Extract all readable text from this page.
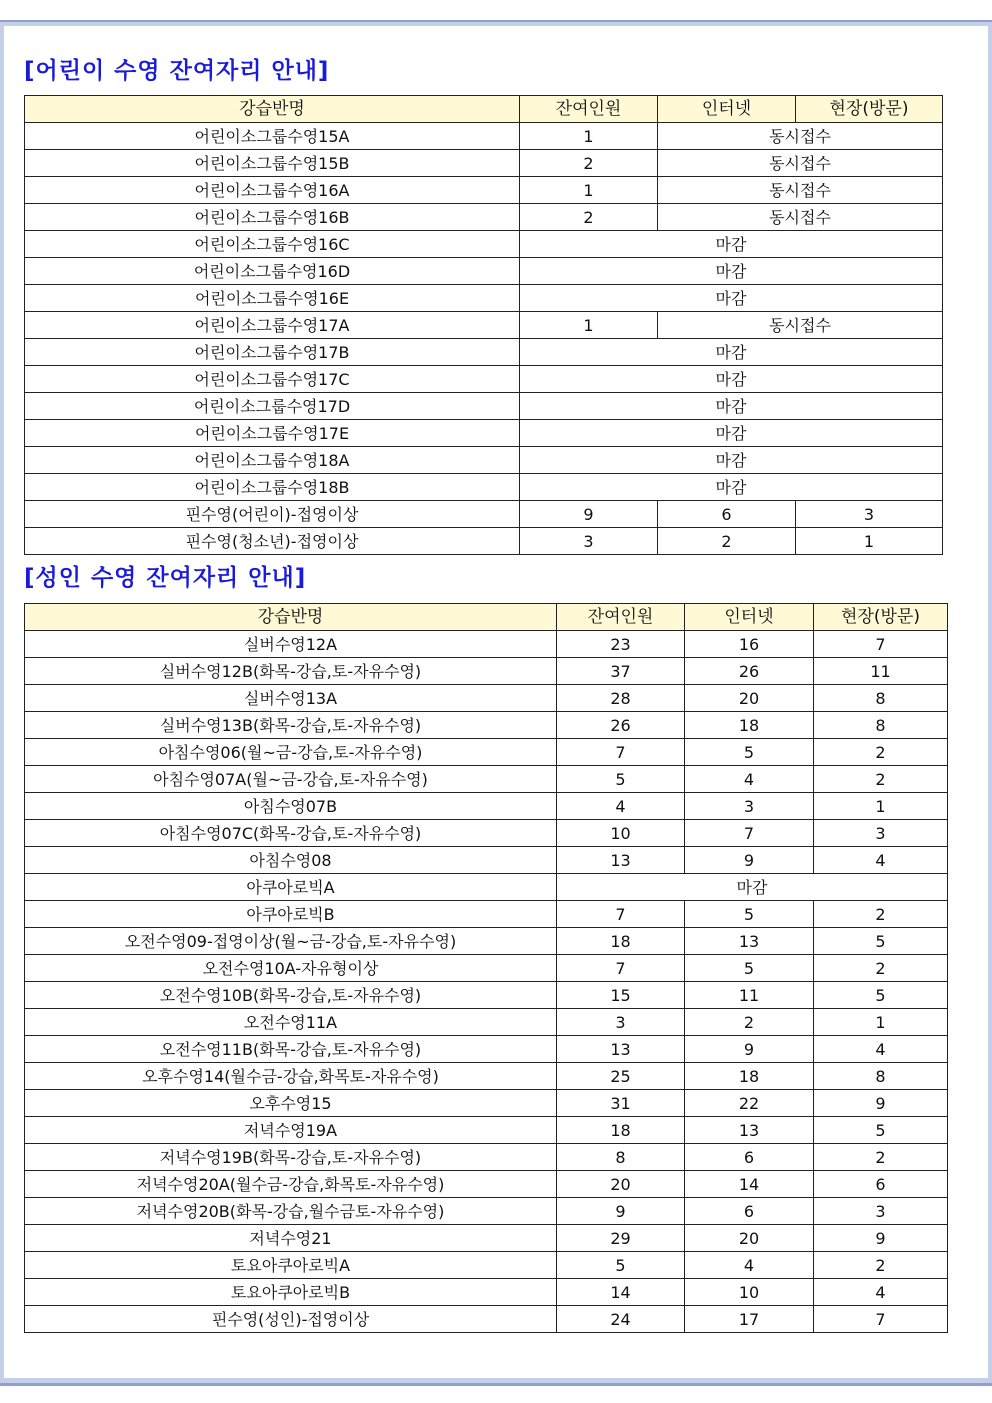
[어린이 수영 잔여자리 안내]
강습반명	잔여인원	인터넷	현장(방문)
어린이소그룹수영15A	1	동시접수	
어린이소그룹수영15B	2	동시접수	
어린이소그룹수영16A	1	동시접수	
어린이소그룹수영16B	2	동시접수	
어린이소그룹수영16C	마감		
어린이소그룹수영16D	마감		
어린이소그룹수영16E	마감		
어린이소그룹수영17A	1	동시접수	
어린이소그룹수영17B	마감		
어린이소그룹수영17C	마감		
어린이소그룹수영17D	마감		
어린이소그룹수영17E	마감		
어린이소그룹수영18A	마감		
어린이소그룹수영18B	마감		
핀수영(어린이)-접영이상	9	6	3
핀수영(청소년)-접영이상	3	2	1
[성인 수영 잔여자리 안내]
강습반명	잔여인원	인터넷	현장(방문)
실버수영12A	23	16	7
실버수영12B(화목-강습,토-자유수영)	37	26	11
실버수영13A	28	20	8
실버수영13B(화목-강습,토-자유수영)	26	18	8
아침수영06(월~금-강습,토-자유수영)	7	5	2
아침수영07A(월~금-강습,토-자유수영)	5	4	2
아침수영07B	4	3	1
아침수영07C(화목-강습,토-자유수영)	10	7	3
아침수영08	13	9	4
아쿠아로빅A	마감		
아쿠아로빅B	7	5	2
오전수영09-접영이상(월~금-강습,토-자유수영)	18	13	5
오전수영10A-자유형이상	7	5	2
오전수영10B(화목-강습,토-자유수영)	15	11	5
오전수영11A	3	2	1
오전수영11B(화목-강습,토-자유수영)	13	9	4
오후수영14(월수금-강습,화목토-자유수영)	25	18	8
오후수영15	31	22	9
저녁수영19A	18	13	5
저녁수영19B(화목-강습,토-자유수영)	8	6	2
저녁수영20A(월수금-강습,화목토-자유수영)	20	14	6
저녁수영20B(화목-강습,월수금토-자유수영)	9	6	3
저녁수영21	29	20	9
토요아쿠아로빅A	5	4	2
토요아쿠아로빅B	14	10	4
핀수영(성인)-접영이상	24	17	7
